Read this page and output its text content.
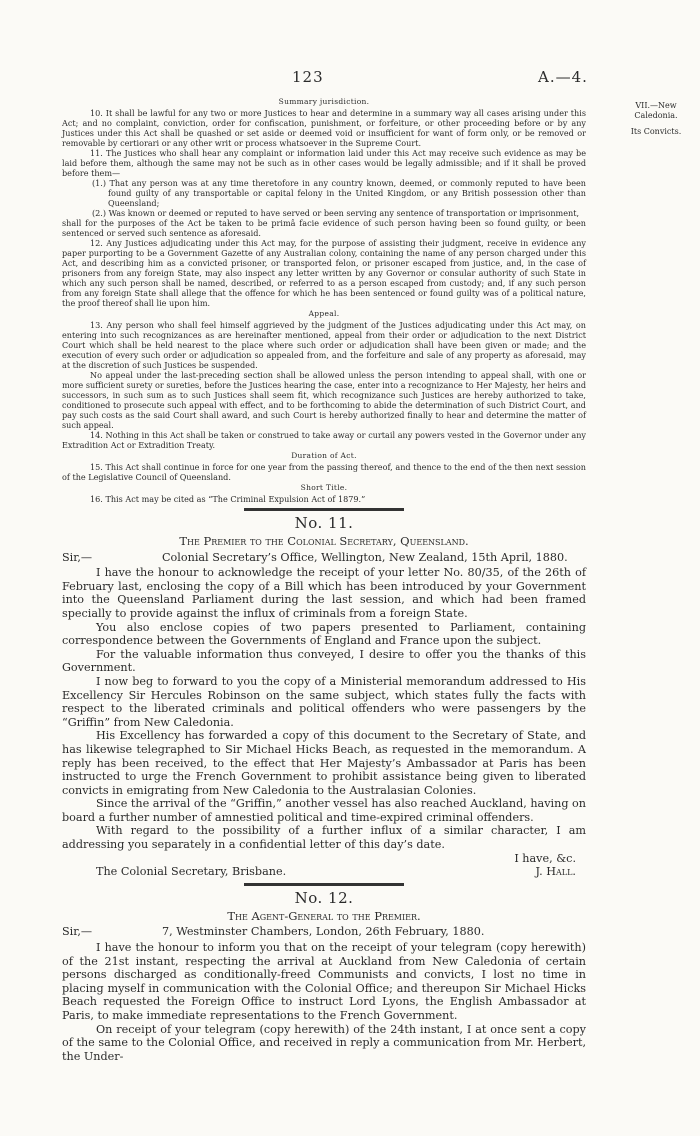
123	A.—4.
VII.—New
Caledonia.
Its Convicts.

Summary jurisdiction.

10. It shall be lawful for any two or more Justices to hear and determine in a summary way all cases arising under this Act; and no complaint, conviction, order for confiscation, punishment, or forfeiture, or other proceeding before or by any Justices under this Act shall be quashed or set aside or deemed void or insufficient for want of form only, or be removed or removable by certiorari or any other writ or process whatsoever in the Supreme Court.

11. The Justices who shall hear any complaint or information laid under this Act may receive such evidence as may be laid before them, although the same may not be such as in other cases would be legally admissible; and if it shall be proved before them—

(1.) That any person was at any time theretofore in any country known, deemed, or commonly reputed to have been found guilty of any transportable or capital felony in the United Kingdom, or any British possession other than Queensland;

(2.) Was known or deemed or reputed to have served or been serving any sentence of transportation or imprisonment,

shall for the purposes of the Act be taken to be primâ facie evidence of such person having been so found guilty, or been sentenced or served such sentence as aforesaid.

12. Any Justices adjudicating under this Act may, for the purpose of assisting their judgment, receive in evidence any paper purporting to be a Government Gazette of any Australian colony, containing the name of any person charged under this Act, and describing him as a convicted prisoner, or transported felon, or prisoner escaped from justice, and, in the case of prisoners from any foreign State, may also inspect any letter written by any Governor or consular authority of such State in which any such person shall be named, described, or referred to as a person escaped from custody; and, if any such person from any foreign State shall allege that the offence for which he has been sentenced or found guilty was of a political nature, the proof thereof shall lie upon him.

Appeal.

13. Any person who shall feel himself aggrieved by the judgment of the Justices adjudicating under this Act may, on entering into such recognizances as are hereinafter mentioned, appeal from their order or adjudication to the next District Court which shall be held nearest to the place where such order or adjudication shall have been given or made; and the execution of every such order or adjudication so appealed from, and the forfeiture and sale of any property as aforesaid, may at the discretion of such Justices be suspended.

No appeal under the last-preceding section shall be allowed unless the person intending to appeal shall, with one or more sufficient surety or sureties, before the Justices hearing the case, enter into a recognizance to Her Majesty, her heirs and successors, in such sum as to such Justices shall seem fit, which recognizance such Justices are hereby authorized to take, conditioned to prosecute such appeal with effect, and to be forthcoming to abide the determination of such District Court, and pay such costs as the said Court shall award, and such Court is hereby authorized finally to hear and determine the matter of such appeal.

14. Nothing in this Act shall be taken or construed to take away or curtail any powers vested in the Governor under any Extradition Act or Extradition Treaty.

Duration of Act.

15. This Act shall continue in force for one year from the passing thereof, and thence to the end of the then next session of the Legislative Council of Queensland.

Short Title.

16. This Act may be cited as “The Criminal Expulsion Act of 1879.”

No. 11.
The Premier to the Colonial Secretary, Queensland.
Sir,—	Colonial Secretary’s Office, Wellington, New Zealand, 15th April, 1880.

I have the honour to acknowledge the receipt of your letter No. 80/35, of the 26th of February last, enclosing the copy of a Bill which has been introduced by your Government into the Queensland Parliament during the last session, and which had been framed specially to provide against the influx of criminals from a foreign State.

You also enclose copies of two papers presented to Parliament, containing correspondence between the Governments of England and France upon the subject.

For the valuable information thus conveyed, I desire to offer you the thanks of this Government.

I now beg to forward to you the copy of a Ministerial memorandum addressed to His Excellency Sir Hercules Robinson on the same subject, which states fully the facts with respect to the liberated criminals and political offenders who were passengers by the “Griffin” from New Caledonia.

His Excellency has forwarded a copy of this document to the Secretary of State, and has likewise telegraphed to Sir Michael Hicks Beach, as requested in the memorandum. A reply has been received, to the effect that Her Majesty’s Ambassador at Paris has been instructed to urge the French Government to prohibit assistance being given to liberated convicts in emigrating from New Caledonia to the Australasian Colonies.

Since the arrival of the “Griffin,” another vessel has also reached Auckland, having on board a further number of amnestied political and time-expired criminal offenders.

With regard to the possibility of a further influx of a similar character, I am addressing you separately in a confidential letter of this day’s date.

I have, &c.
The Colonial Secretary, Brisbane.	J. Hall.
No. 12.
The Agent-General to the Premier.
Sir,—	7, Westminster Chambers, London, 26th February, 1880.

I have the honour to inform you that on the receipt of your telegram (copy herewith) of the 21st instant, respecting the arrival at Auckland from New Caledonia of certain persons discharged as conditionally-freed Communists and convicts, I lost no time in placing myself in communication with the Colonial Office; and thereupon Sir Michael Hicks Beach requested the Foreign Office to instruct Lord Lyons, the English Ambassador at Paris, to make immediate representations to the French Government.

On receipt of your telegram (copy herewith) of the 24th instant, I at once sent a copy of the same to the Colonial Office, and received in reply a communication from Mr. Herbert, the Under-
